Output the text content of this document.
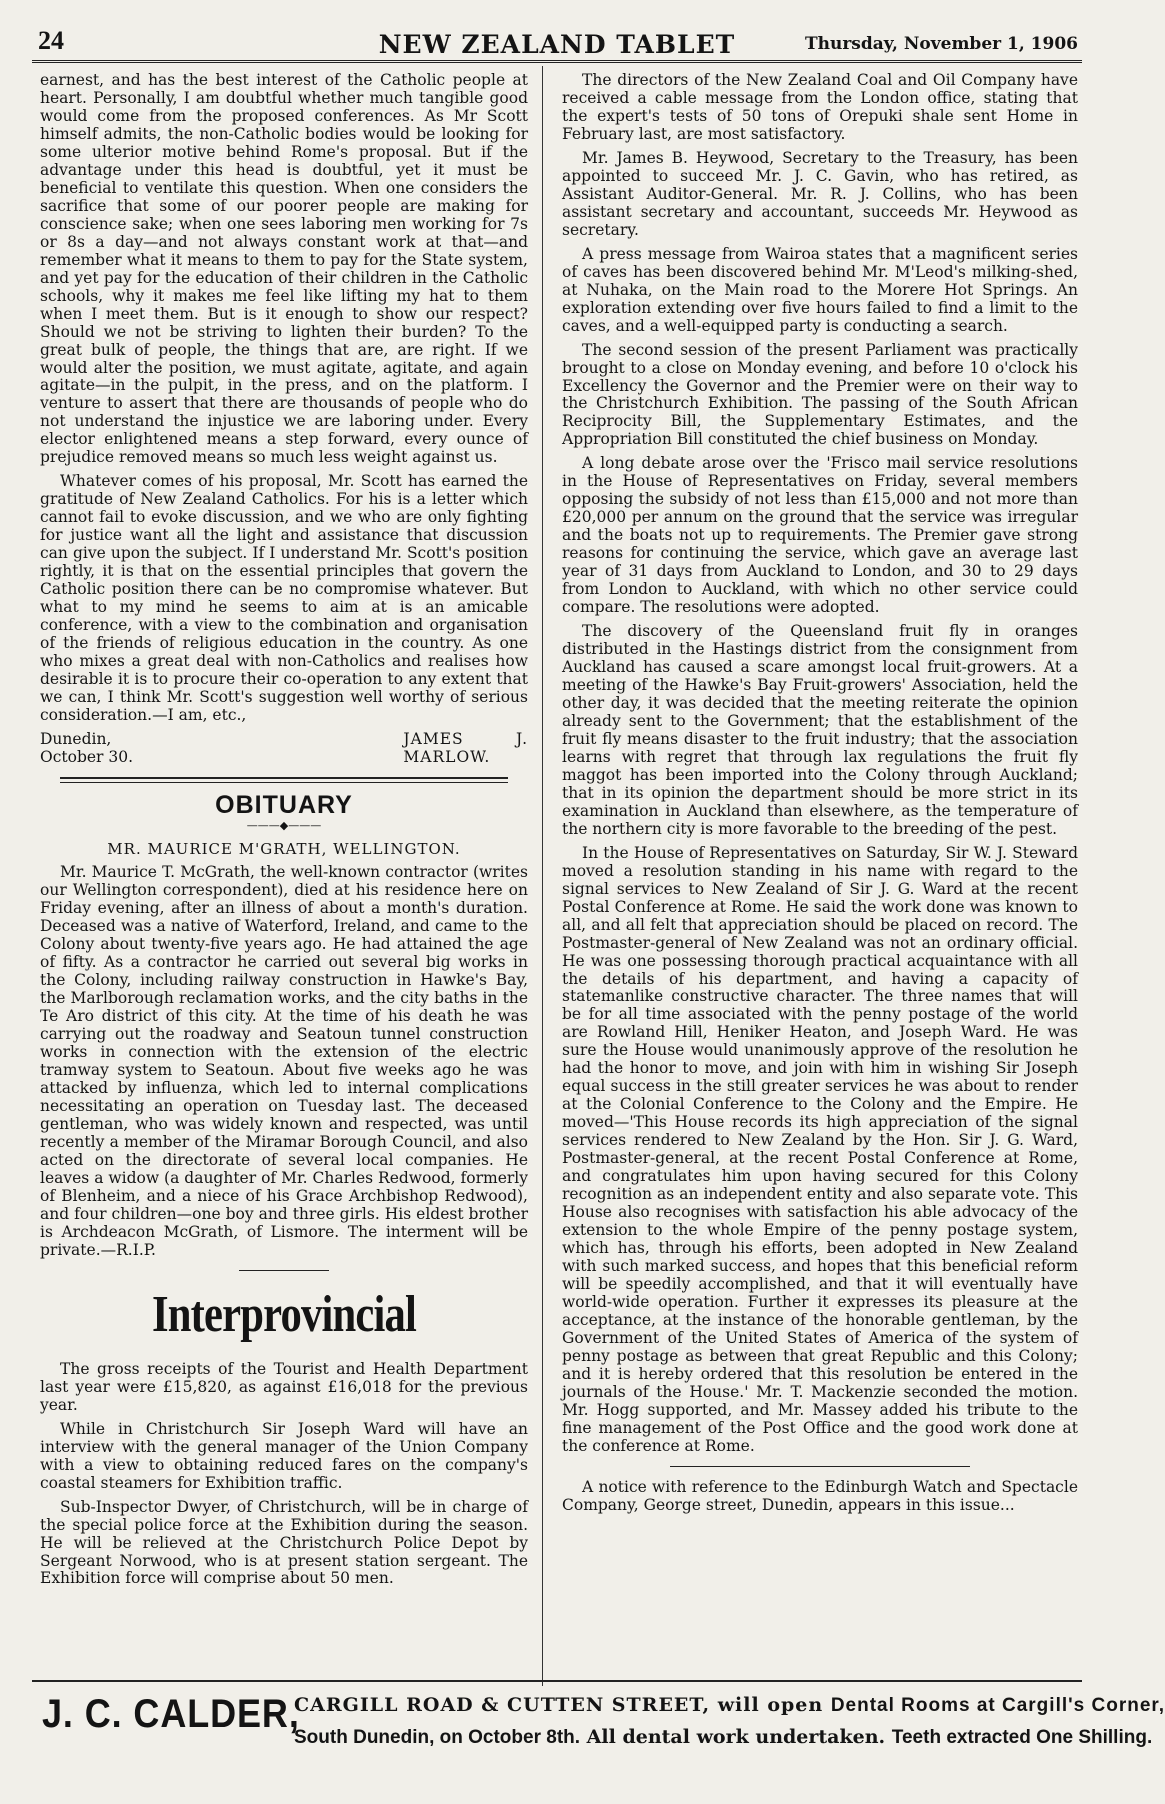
24	NEW ZEALAND TABLET	Thursday, November 1, 1906

earnest, and has the best interest of the Catholic people at heart. Personally, I am doubtful whether much tangible good would come from the proposed conferences. As Mr Scott himself admits, the non-Catholic bodies would be looking for some ulterior motive behind Rome's proposal. But if the advantage under this head is doubtful, yet it must be beneficial to ventilate this question. When one considers the sacrifice that some of our poorer people are making for conscience sake; when one sees laboring men working for 7s or 8s a day—and not always constant work at that—and remember what it means to them to pay for the State system, and yet pay for the education of their children in the Catholic schools, why it makes me feel like lifting my hat to them when I meet them. But is it enough to show our respect? Should we not be striving to lighten their burden? To the great bulk of people, the things that are, are right. If we would alter the position, we must agitate, agitate, and again agitate—in the pulpit, in the press, and on the platform. I venture to assert that there are thousands of people who do not understand the injustice we are laboring under. Every elector enlightened means a step forward, every ounce of prejudice removed means so much less weight against us.

Whatever comes of his proposal, Mr. Scott has earned the gratitude of New Zealand Catholics. For his is a letter which cannot fail to evoke discussion, and we who are only fighting for justice want all the light and assistance that discussion can give upon the subject. If I understand Mr. Scott's position rightly, it is that on the essential principles that govern the Catholic position there can be no compromise whatever. But what to my mind he seems to aim at is an amicable conference, with a view to the combination and organisation of the friends of religious education in the country. As one who mixes a great deal with non-Catholics and realises how desirable it is to procure their co-operation to any extent that we can, I think Mr. Scott's suggestion well worthy of serious consideration.—I am, etc.,

Dunedin, October 30.
JAMES J. MARLOW.
OBITUARY
———◆———
MR. MAURICE M'GRATH, WELLINGTON.

Mr. Maurice T. McGrath, the well-known contractor (writes our Wellington correspondent), died at his residence here on Friday evening, after an illness of about a month's duration. Deceased was a native of Waterford, Ireland, and came to the Colony about twenty-five years ago. He had attained the age of fifty. As a contractor he carried out several big works in the Colony, including railway construction in Hawke's Bay, the Marlborough reclamation works, and the city baths in the Te Aro district of this city. At the time of his death he was carrying out the roadway and Seatoun tunnel construction works in connection with the extension of the electric tramway system to Seatoun. About five weeks ago he was attacked by influenza, which led to internal complications necessitating an operation on Tuesday last. The deceased gentleman, who was widely known and respected, was until recently a member of the Miramar Borough Council, and also acted on the directorate of several local companies. He leaves a widow (a daughter of Mr. Charles Redwood, formerly of Blenheim, and a niece of his Grace Archbishop Redwood), and four children—one boy and three girls. His eldest brother is Archdeacon McGrath, of Lismore. The interment will be private.—R.I.P.

Interprovincial

The gross receipts of the Tourist and Health Department last year were £15,820, as against £16,018 for the previous year.

While in Christchurch Sir Joseph Ward will have an interview with the general manager of the Union Company with a view to obtaining reduced fares on the company's coastal steamers for Exhibition traffic.

Sub-Inspector Dwyer, of Christchurch, will be in charge of the special police force at the Exhibition during the season. He will be relieved at the Christchurch Police Depot by Sergeant Norwood, who is at present station sergeant. The Exhibition force will comprise about 50 men.

The directors of the New Zealand Coal and Oil Company have received a cable message from the London office, stating that the expert's tests of 50 tons of Orepuki shale sent Home in February last, are most satisfactory.

Mr. James B. Heywood, Secretary to the Treasury, has been appointed to succeed Mr. J. C. Gavin, who has retired, as Assistant Auditor-General. Mr. R. J. Collins, who has been assistant secretary and accountant, succeeds Mr. Heywood as secretary.

A press message from Wairoa states that a magnificent series of caves has been discovered behind Mr. M'Leod's milking-shed, at Nuhaka, on the Main road to the Morere Hot Springs. An exploration extending over five hours failed to find a limit to the caves, and a well-equipped party is conducting a search.

The second session of the present Parliament was practically brought to a close on Monday evening, and before 10 o'clock his Excellency the Governor and the Premier were on their way to the Christchurch Exhibition. The passing of the South African Reciprocity Bill, the Supplementary Estimates, and the Appropriation Bill constituted the chief business on Monday.

A long debate arose over the 'Frisco mail service resolutions in the House of Representatives on Friday, several members opposing the subsidy of not less than £15,000 and not more than £20,000 per annum on the ground that the service was irregular and the boats not up to requirements. The Premier gave strong reasons for continuing the service, which gave an average last year of 31 days from Auckland to London, and 30 to 29 days from London to Auckland, with which no other service could compare. The resolutions were adopted.

The discovery of the Queensland fruit fly in oranges distributed in the Hastings district from the consignment from Auckland has caused a scare amongst local fruit-growers. At a meeting of the Hawke's Bay Fruit-growers' Association, held the other day, it was decided that the meeting reiterate the opinion already sent to the Government; that the establishment of the fruit fly means disaster to the fruit industry; that the association learns with regret that through lax regulations the fruit fly maggot has been imported into the Colony through Auckland; that in its opinion the department should be more strict in its examination in Auckland than elsewhere, as the temperature of the northern city is more favorable to the breeding of the pest.

In the House of Representatives on Saturday, Sir W. J. Steward moved a resolution standing in his name with regard to the signal services to New Zealand of Sir J. G. Ward at the recent Postal Conference at Rome. He said the work done was known to all, and all felt that appreciation should be placed on record. The Postmaster-general of New Zealand was not an ordinary official. He was one possessing thorough practical acquaintance with all the details of his department, and having a capacity of statemanlike constructive character. The three names that will be for all time associated with the penny postage of the world are Rowland Hill, Heniker Heaton, and Joseph Ward. He was sure the House would unanimously approve of the resolution he had the honor to move, and join with him in wishing Sir Joseph equal success in the still greater services he was about to render at the Colonial Conference to the Colony and the Empire. He moved—'This House records its high appreciation of the signal services rendered to New Zealand by the Hon. Sir J. G. Ward, Postmaster-general, at the recent Postal Conference at Rome, and congratulates him upon having secured for this Colony recognition as an independent entity and also separate vote. This House also recognises with satisfaction his able advocacy of the extension to the whole Empire of the penny postage system, which has, through his efforts, been adopted in New Zealand with such marked success, and hopes that this beneficial reform will be speedily accomplished, and that it will eventually have world-wide operation. Further it expresses its pleasure at the acceptance, at the instance of the honorable gentleman, by the Government of the United States of America of the system of penny postage as between that great Republic and this Colony; and it is hereby ordered that this resolution be entered in the journals of the House.' Mr. T. Mackenzie seconded the motion. Mr. Hogg supported, and Mr. Massey added his tribute to the fine management of the Post Office and the good work done at the conference at Rome.

A notice with reference to the Edinburgh Watch and Spectacle Company, George street, Dunedin, appears in this issue...

J. C. CALDER,
CARGILL ROAD & CUTTEN STREET, will open Dental Rooms at Cargill's Corner,
South Dunedin, on October 8th. All dental work undertaken. Teeth extracted One Shilling.
